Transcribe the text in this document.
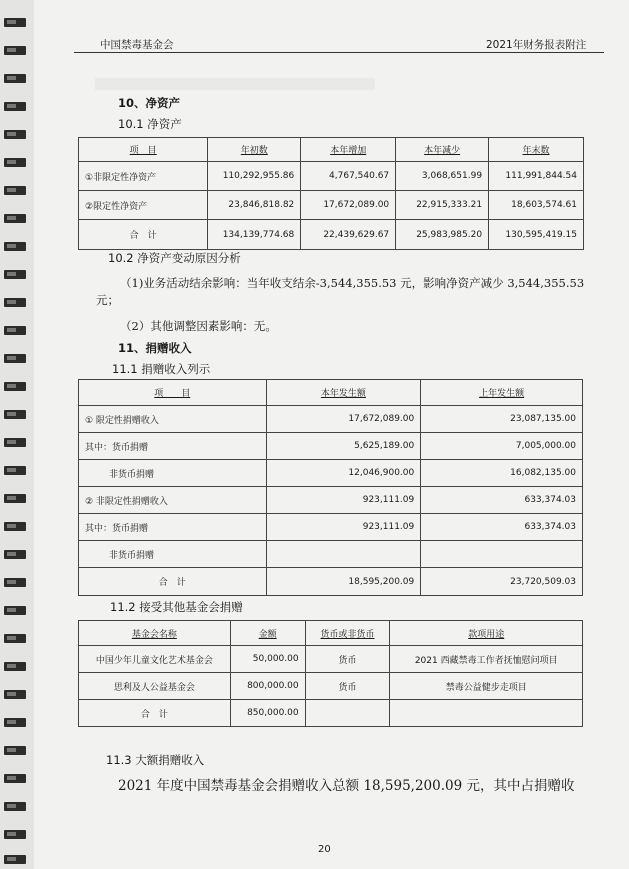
中国禁毒基金会	2021年财务报表附注
10、净资产
10.1 净资产
项　目	年初数	本年增加	本年减少	年末数
①非限定性净资产	110,292,955.86	4,767,540.67	3,068,651.99	111,991,844.54
②限定性净资产	23,846,818.82	17,672,089.00	22,915,333.21	18,603,574.61
合　计	134,139,774.68	22,439,629.67	25,983,985.20	130,595,419.15
10.2 净资产变动原因分析
（1)业务活动结余影响：当年收支结余-3,544,355.53 元，影响净资产减少 3,544,355.53
元；
（2）其他调整因素影响：无。
11、捐赠收入
11.1 捐赠收入列示
项　　目	本年发生额	上年发生额
① 限定性捐赠收入	17,672,089.00	23,087,135.00
其中：货币捐赠	5,625,189.00	7,005,000.00
非货币捐赠	12,046,900.00	16,082,135.00
② 非限定性捐赠收入	923,111.09	633,374.03
其中：货币捐赠	923,111.09	633,374.03
非货币捐赠		
合　计	18,595,200.09	23,720,509.03
11.2 接受其他基金会捐赠
基金会名称	金额	货币或非货币	款项用途
中国少年儿童文化艺术基金会	50,000.00	货币	2021 西藏禁毒工作者抚恤慰问项目
思利及人公益基金会	800,000.00	货币	禁毒公益健步走项目
合　计	850,000.00		
11.3 大额捐赠收入
2021 年度中国禁毒基金会捐赠收入总额 18,595,200.09 元，其中占捐赠收
20
